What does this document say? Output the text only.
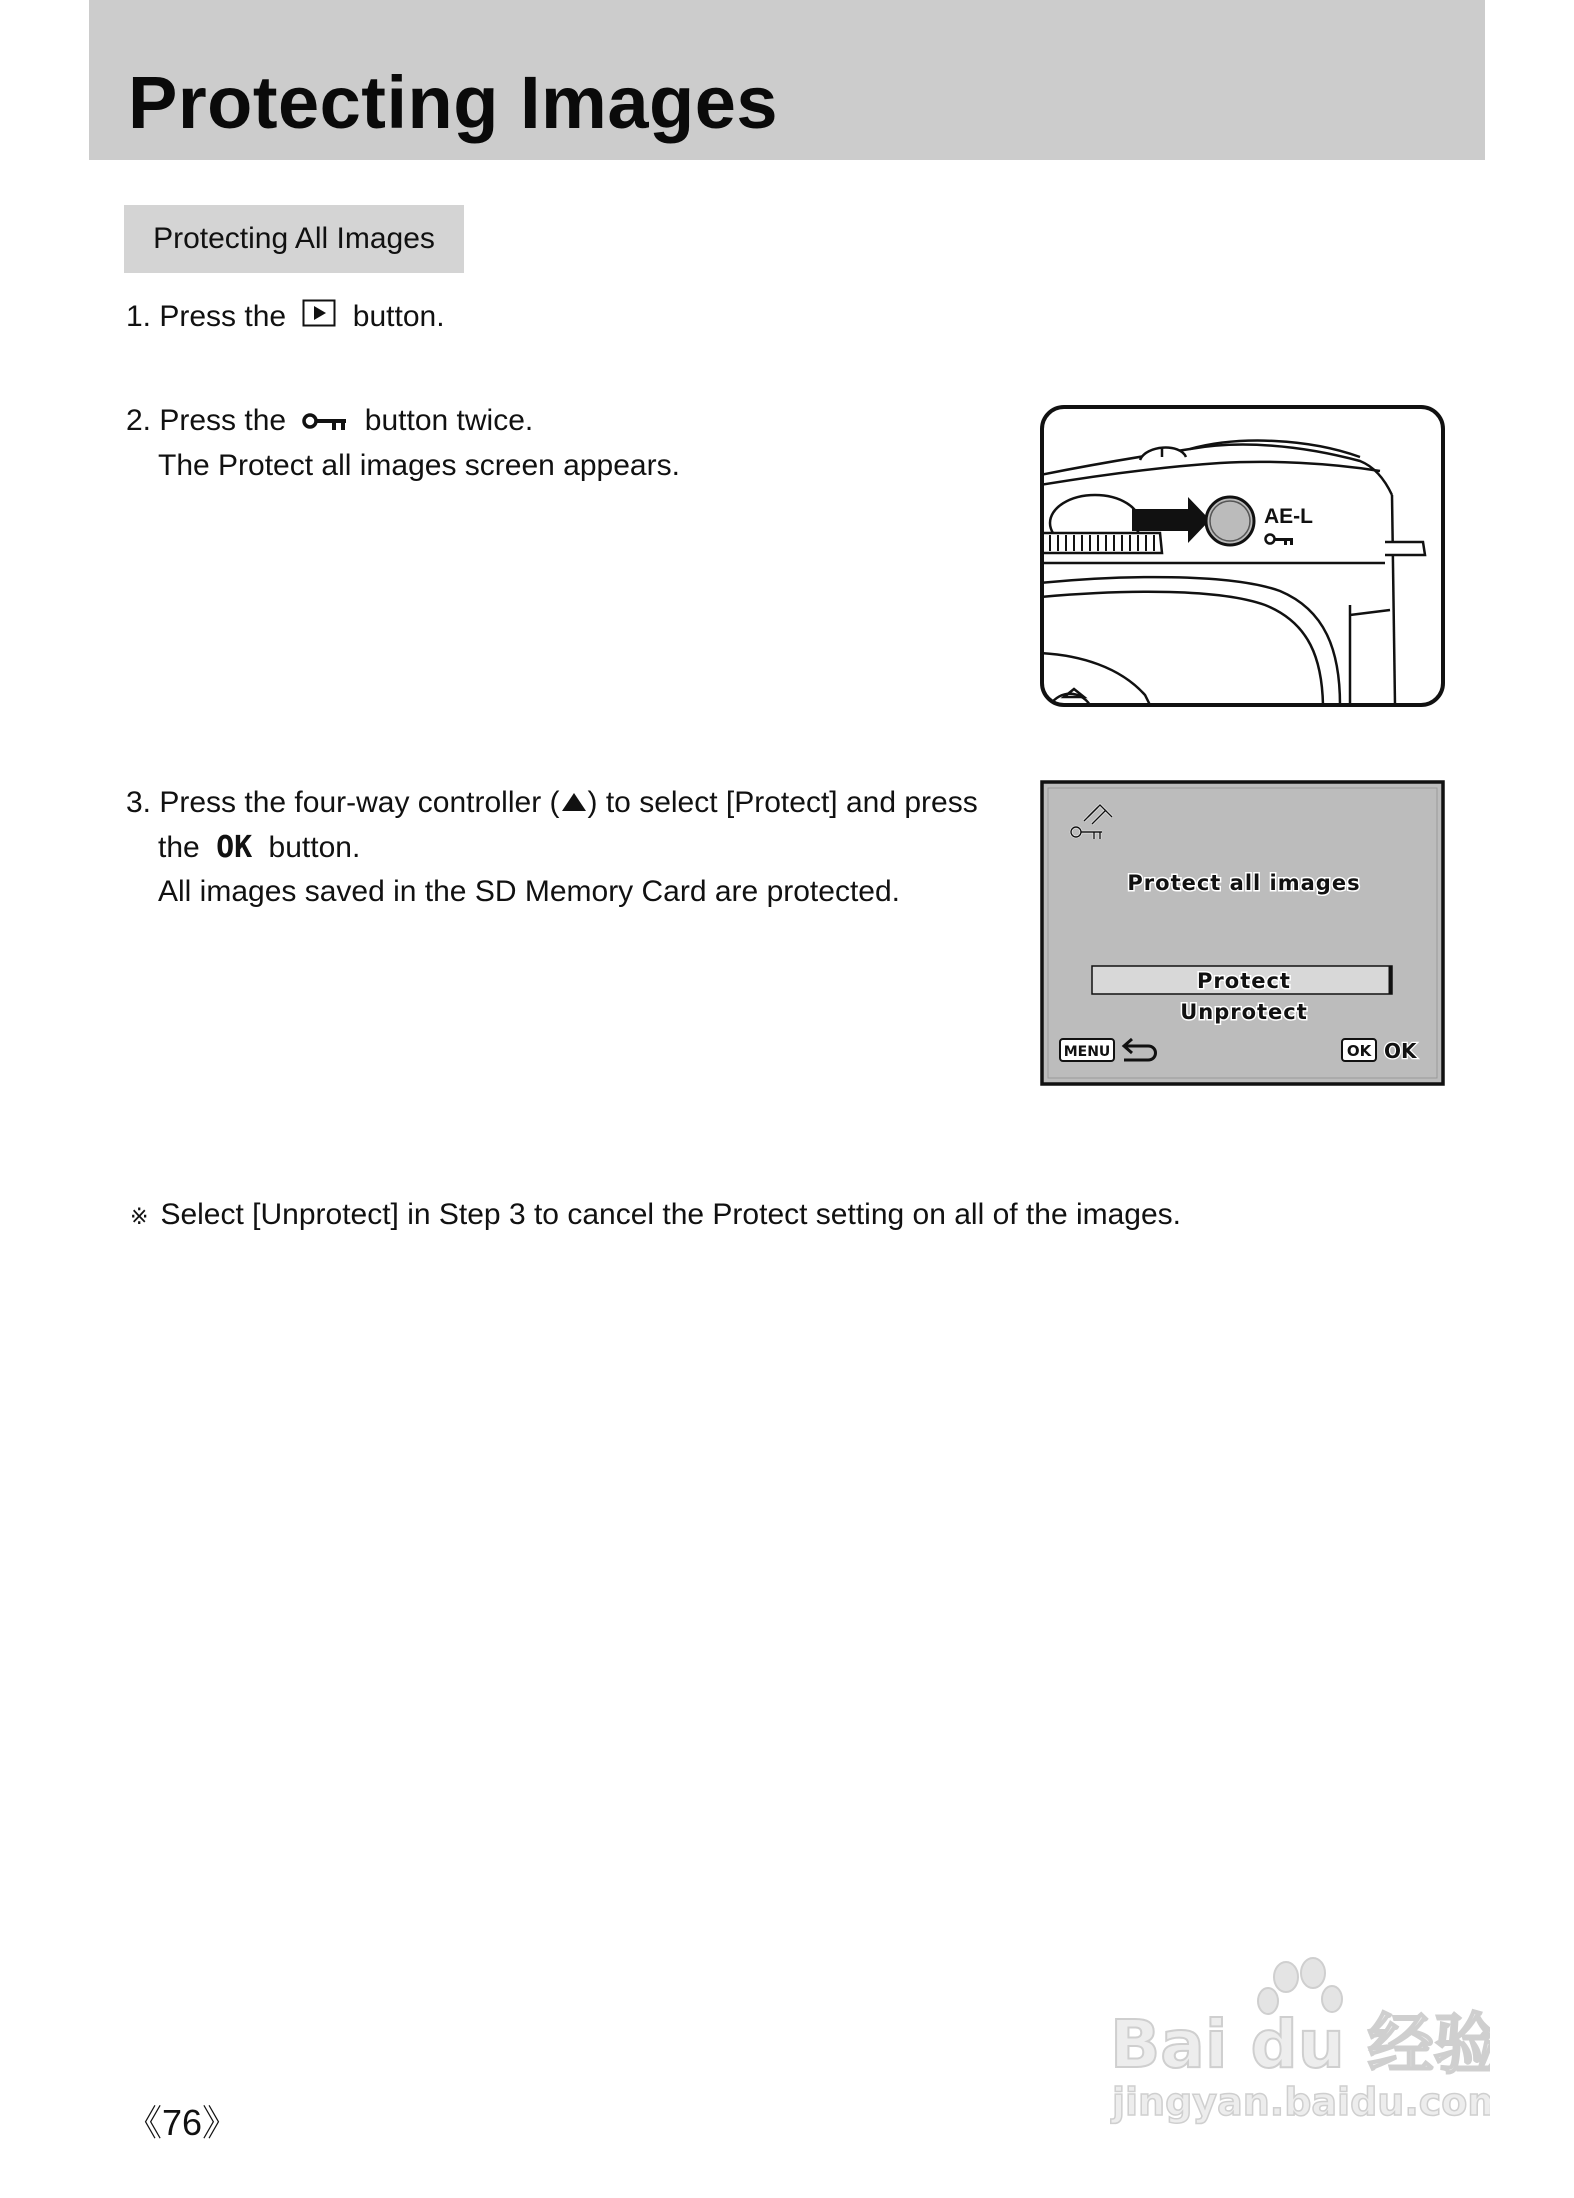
Protecting Images
Protecting All Images
1. Press the button.
2. Press the	button twice.
The Protect all images screen appears.
3. Press the four-way controller ( ) to select [Protect] and press
the OK button.
All images saved in the SD Memory Card are protected.
AE-L
Protect all images
Protect
Unprotect
MENU	OK OK
※ Select [Unprotect] in Step 3 to cancel the Protect setting on all of the images.
《76》
Bai du 经验
jingyan.baidu.com
